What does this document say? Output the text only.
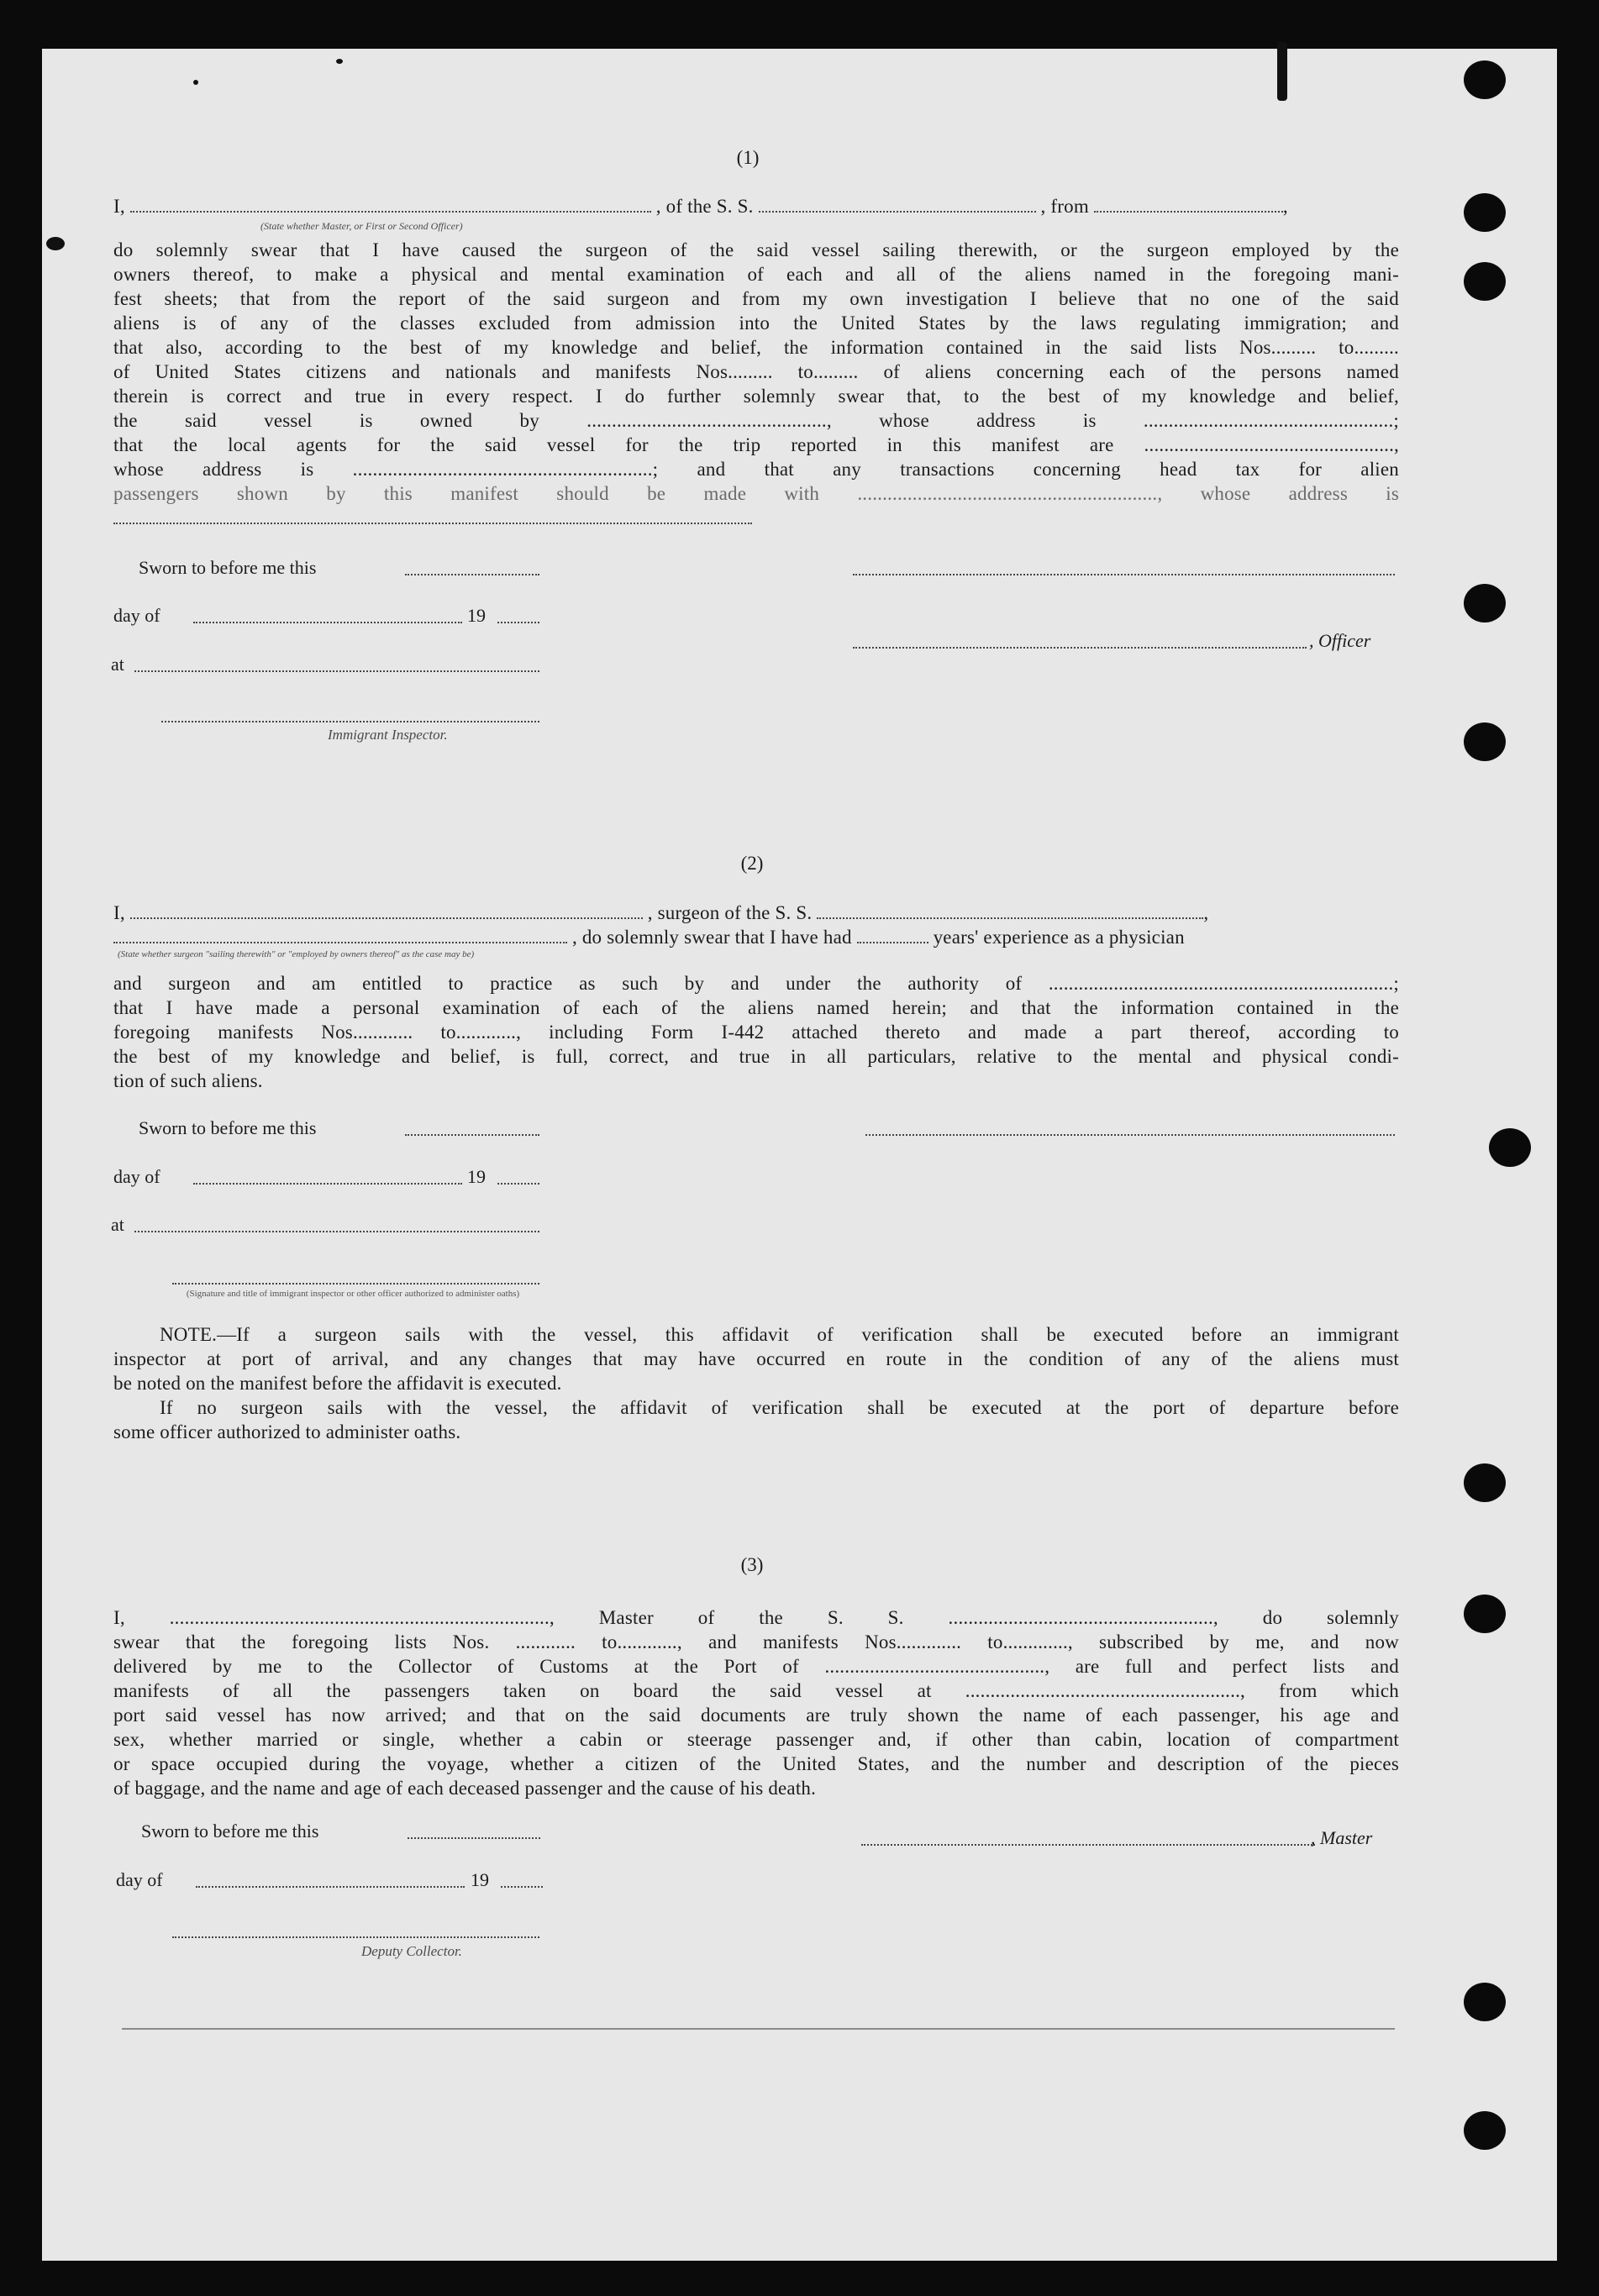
(1)
I,	, of the S. S.	, from	,
(State whether Master, or First or Second Officer)
do solemnly swear that I have caused the surgeon of the said vessel sailing therewith, or the surgeon employed by the
owners thereof, to make a physical and mental examination of each and all of the aliens named in the foregoing mani-
fest sheets; that from the report of the said surgeon and from my own investigation I believe that no one of the said
aliens is of any of the classes excluded from admission into the United States by the laws regulating immigration; and
that also, according to the best of my knowledge and belief, the information contained in the said lists Nos......... to.........
of United States citizens and nationals and manifests Nos......... to......... of aliens concerning each of the persons named
therein is correct and true in every respect. I do further solemnly swear that, to the best of my knowledge and belief,
the said vessel is owned by ................................................, whose address is ..................................................;
that the local agents for the said vessel for the trip reported in this manifest are ..................................................,
whose address is ............................................................; and that any transactions concerning head tax for alien
passengers shown by this manifest should be made with ............................................................, whose address is
Sworn to before me this
day of	19
, Officer
at
Immigrant Inspector.
(2)
I,	, surgeon of the S. S.	,
, do solemnly swear that I have had	years' experience as a physician
(State whether surgeon "sailing therewith" or "employed by owners thereof" as the case may be)
and surgeon and am entitled to practice as such by and under the authority of .....................................................................;
that I have made a personal examination of each of the aliens named herein; and that the information contained in the
foregoing manifests Nos............ to............, including Form I-442 attached thereto and made a part thereof, according to
the best of my knowledge and belief, is full, correct, and true in all particulars, relative to the mental and physical condi-
tion of such aliens.
Sworn to before me this
day of	19
at
(Signature and title of immigrant inspector or other officer authorized to administer oaths)
NOTE.—If a surgeon sails with the vessel, this affidavit of verification shall be executed before an immigrant
inspector at port of arrival, and any changes that may have occurred en route in the condition of any of the aliens must
be noted on the manifest before the affidavit is executed.
If no surgeon sails with the vessel, the affidavit of verification shall be executed at the port of departure before
some officer authorized to administer oaths.
(3)
I, ............................................................................, Master of the S. S. ....................................................., do solemnly
swear that the foregoing lists Nos. ............ to............, and manifests Nos............. to............., subscribed by me, and now
delivered by me to the Collector of Customs at the Port of ............................................, are full and perfect lists and
manifests of all the passengers taken on board the said vessel at ......................................................., from which
port said vessel has now arrived; and that on the said documents are truly shown the name of each passenger, his age and
sex, whether married or single, whether a cabin or steerage passenger and, if other than cabin, location of compartment
or space occupied during the voyage, whether a citizen of the United States, and the number and description of the pieces
of baggage, and the name and age of each deceased passenger and the cause of his death.
Sworn to before me this	, Master
day of	19
Deputy Collector.
